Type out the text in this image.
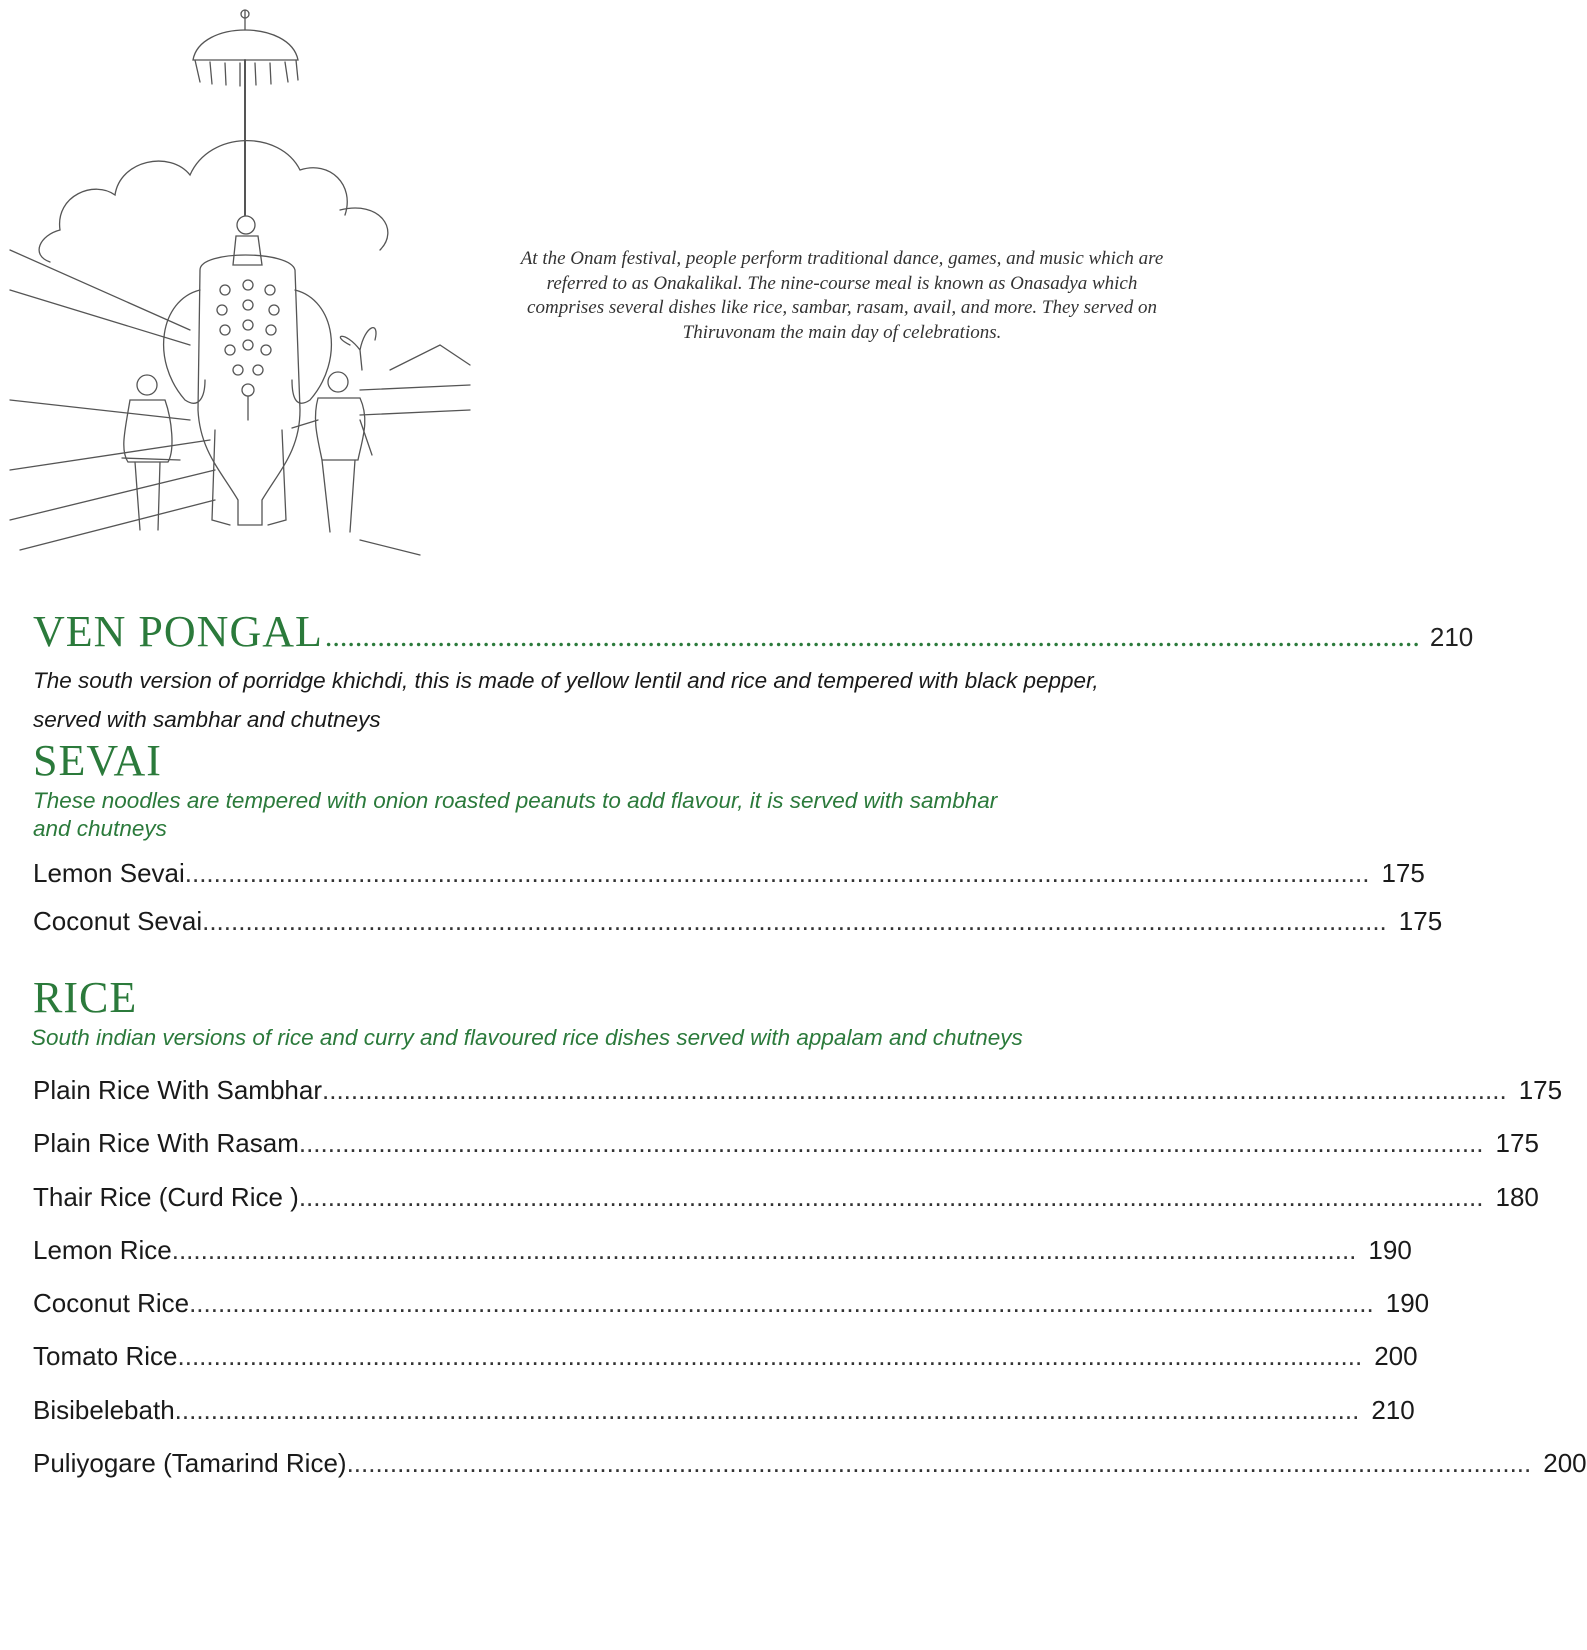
At the Onam festival, people perform traditional dance, games, and music which are referred to as Onakalikal. The nine-course meal is known as Onasadya which comprises several dishes like rice, sambar, rasam, avail, and more. They served on Thiruvonam the main day of celebrations.
VEN PONGAL .................................................................................................................................................. 210
The south version of porridge khichdi, this is made of yellow lentil and rice and tempered with black pepper, served with sambhar and chutneys
SEVAI
These noodles are tempered with onion roasted peanuts to add flavour, it is served with sambhar and chutneys
Lemon Sevai .................................................................................................................................................................... 175
Coconut Sevai .................................................................................................................................................................... 175
RICE
South indian versions of rice and curry and flavoured rice dishes served with appalam and chutneys
Plain Rice With Sambhar .................................................................................................................................................................... 175
Plain Rice With Rasam .................................................................................................................................................................... 175
Thair Rice (Curd Rice ) .................................................................................................................................................................... 180
Lemon Rice .................................................................................................................................................................... 190
Coconut Rice .................................................................................................................................................................... 190
Tomato Rice .................................................................................................................................................................... 200
Bisibelebath .................................................................................................................................................................... 210
Puliyogare (Tamarind Rice) .................................................................................................................................................................... 200
